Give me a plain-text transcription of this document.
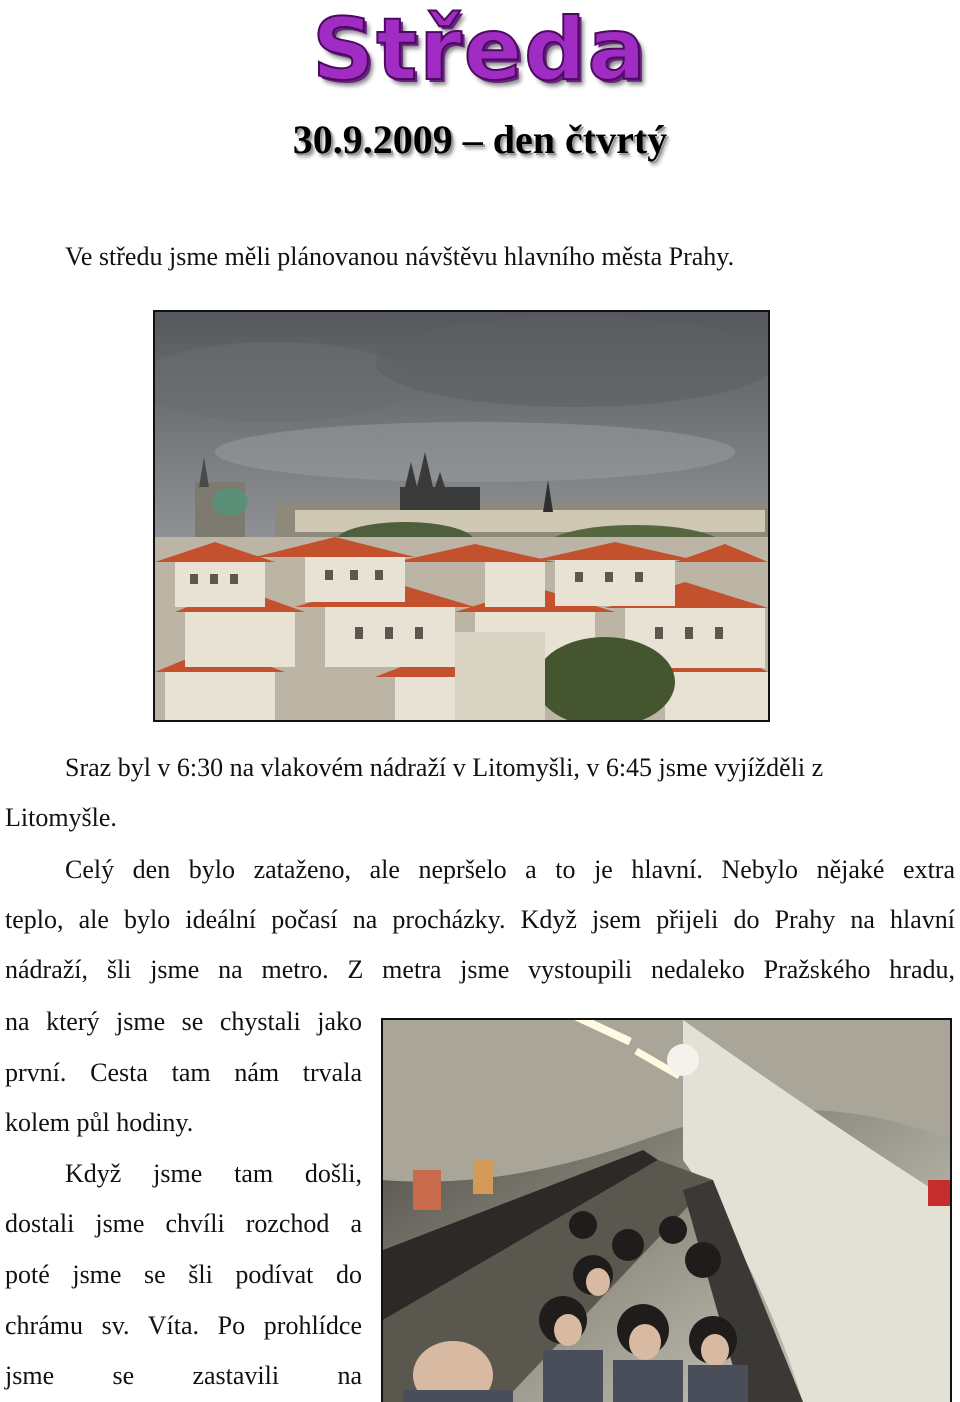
Středa
30.9.2009 – den čtvrtý
Ve středu jsme měli plánovanou návštěvu hlavního města Prahy.
Sraz byl v 6:30 na vlakovém nádraží v Litomyšli, v 6:45 jsme vyjížděli z
Litomyšle.
Celý den bylo zataženo, ale nepršelo a to je hlavní. Nebylo nějaké extra
teplo, ale bylo ideální počasí na procházky. Když jsem přijeli do Prahy na hlavní
nádraží, šli jsme na metro. Z metra jsme vystoupili nedaleko Pražského hradu,
na který jsme se chystali jako
první. Cesta tam nám trvala
kolem půl hodiny.
Když jsme tam došli,
dostali jsme chvíli rozchod a
poté jsme se šli podívat do
chrámu sv. Víta. Po prohlídce
jsme se zastavili na
